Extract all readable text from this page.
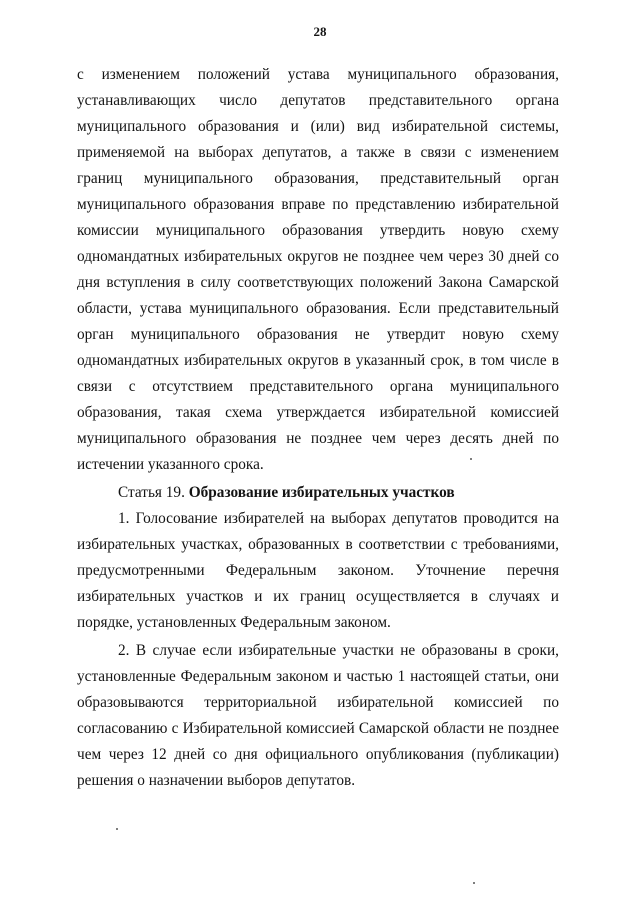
28

с изменением положений устава муниципального образования, устанавливающих число депутатов представительного органа муниципального образования и (или) вид избирательной системы, применяемой на выборах депутатов, а также в связи с изменением границ муниципального образования, представительный орган муниципального образования вправе по представлению избирательной комиссии муниципального образования утвердить новую схему одномандатных избирательных округов не позднее чем через 30 дней со дня вступления в силу соответствующих положений Закона Самарской области, устава муниципального образования. Если представительный орган муниципального образования не утвердит новую схему одномандатных избирательных округов в указанный срок, в том числе в связи с отсутствием представительного органа муниципального образования, такая схема утверждается избирательной комиссией муниципального образования не позднее чем через десять дней по истечении указанного срока.

Статья 19. Образование избирательных участков

1. Голосование избирателей на выборах депутатов проводится на избирательных участках, образованных в соответствии с требованиями, предусмотренными Федеральным законом. Уточнение перечня избирательных участков и их границ осуществляется в случаях и порядке, установленных Федеральным законом.

2. В случае если избирательные участки не образованы в сроки, установленные Федеральным законом и частью 1 настоящей статьи, они образовываются территориальной избирательной комиссией по согласованию с Избирательной комиссией Самарской области не позднее чем через 12 дней со дня официального опубликования (публикации) решения о назначении выборов депутатов.
